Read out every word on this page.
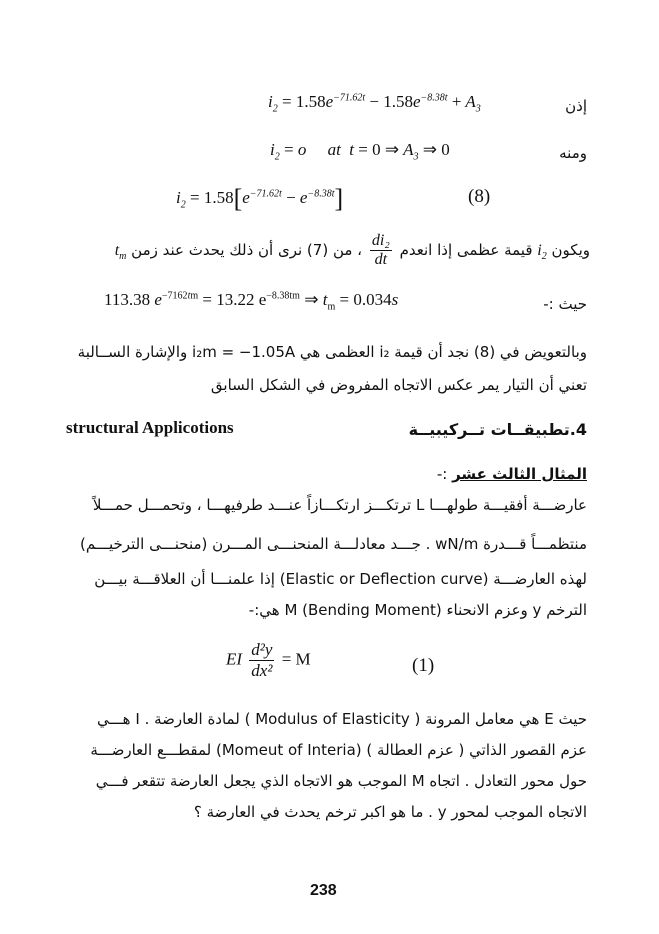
$i_2 = 1.58e^{-71.62t} - 1.58e^{-8.38t} + A_3$	إذن
$i_2 = o$     at  t = 0 ⇒ $A_3$ ⇒ 0	ومنه
$i_2 = 1.58[e^{-71.62t} - e^{-8.38t}]$	(8)
ويكون $i_2$ قيمة عظمى إذا انعدم
$\frac{\text{di₂}}{dt}$
، من (7) نرى أن ذلك يحدث عند زمن $t_m$
113.38 $e^{-7162tm} = 13.22$ $e^{-8.38tm}$ ⇒ $t_m = 0.034s$	حيث :-
وبالتعويض في (8) نجد أن قيمة i₂ العظمى هي i₂m = −1.05A والإشارة الســالبة
تعني أن التيار يمر عكس الاتجاه المفروض في الشكل السابق
structural Applicotions	4.تطبيقــات تــركيبيــة
المثال الثالث عشر :-
عارضـــة أفقيـــة طولهـــا L ترتكـــز ارتكـــازاً عنـــد طرفيهـــا ، وتحمـــل حمـــلاً
منتظمـــاً قـــدرة wN/m . جـــد معادلـــة المنحنـــى المـــرن (منحنـــى الترخيـــم)
لهذه العارضـــة (Elastic or Deflection curve) إذا علمنـــا أن العلاقـــة بيـــن
الترخم y وعزم الانحناء M (Bending Moment) هي:-
EI $\frac{\text{d²y}}{\text{dx²}} = M$	(1)
حيث E هي معامل المرونة ( Modulus of Elasticity ) لمادة العارضة . I هـــي
عزم القصور الذاتي ( عزم العطالة ) (Momeut of Interia) لمقطـــع العارضـــة
حول محور التعادل . اتجاه M الموجب هو الاتجاه الذي يجعل العارضة تتقعر فـــي
الاتجاه الموجب لمحور y . ما هو اكبر ترخم يحدث في العارضة ؟
238
